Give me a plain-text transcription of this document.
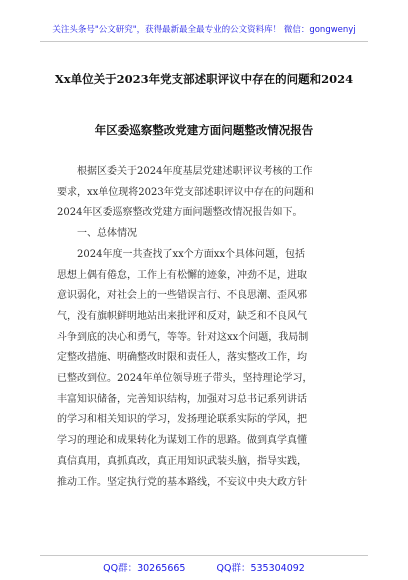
关注头条号"公文研究"，获得最新最全最专业的公文资料库！ 微信：gongwenyj
Xx单位关于2023年党支部述职评议中存在的问题和2024
年区委巡察整改党建方面问题整改情况报告

根据区委关于2024年度基层党建述职评议考核的工作
要求，xx单位现将2023年党支部述职评议中存在的问题和
2024年区委巡察整改党建方面问题整改情况报告如下。

一、总体情况

2024年度一共查找了xx个方面xx个具体问题，包括
思想上偶有倦怠，工作上有松懈的迹象，冲劲不足，进取
意识弱化，对社会上的一些错误言行、不良思潮、歪风邪
气，没有旗帜鲜明地站出来批评和反对，缺乏和不良风气
斗争到底的决心和勇气，等等。针对这xx个问题，我局制
定整改措施、明确整改时限和责任人，落实整改工作，均
已整改到位。2024年单位领导班子带头，坚持理论学习，
丰富知识储备，完善知识结构，加强对习总书记系列讲话
的学习和相关知识的学习，发扬理论联系实际的学风，把
学习的理论和成果转化为谋划工作的思路。做到真学真懂
真信真用，真抓真改，真正用知识武装头脑，指导实践，
推动工作。坚定执行党的基本路线，不妄议中央大政方针

QQ群：30265665	QQ群：535304092
